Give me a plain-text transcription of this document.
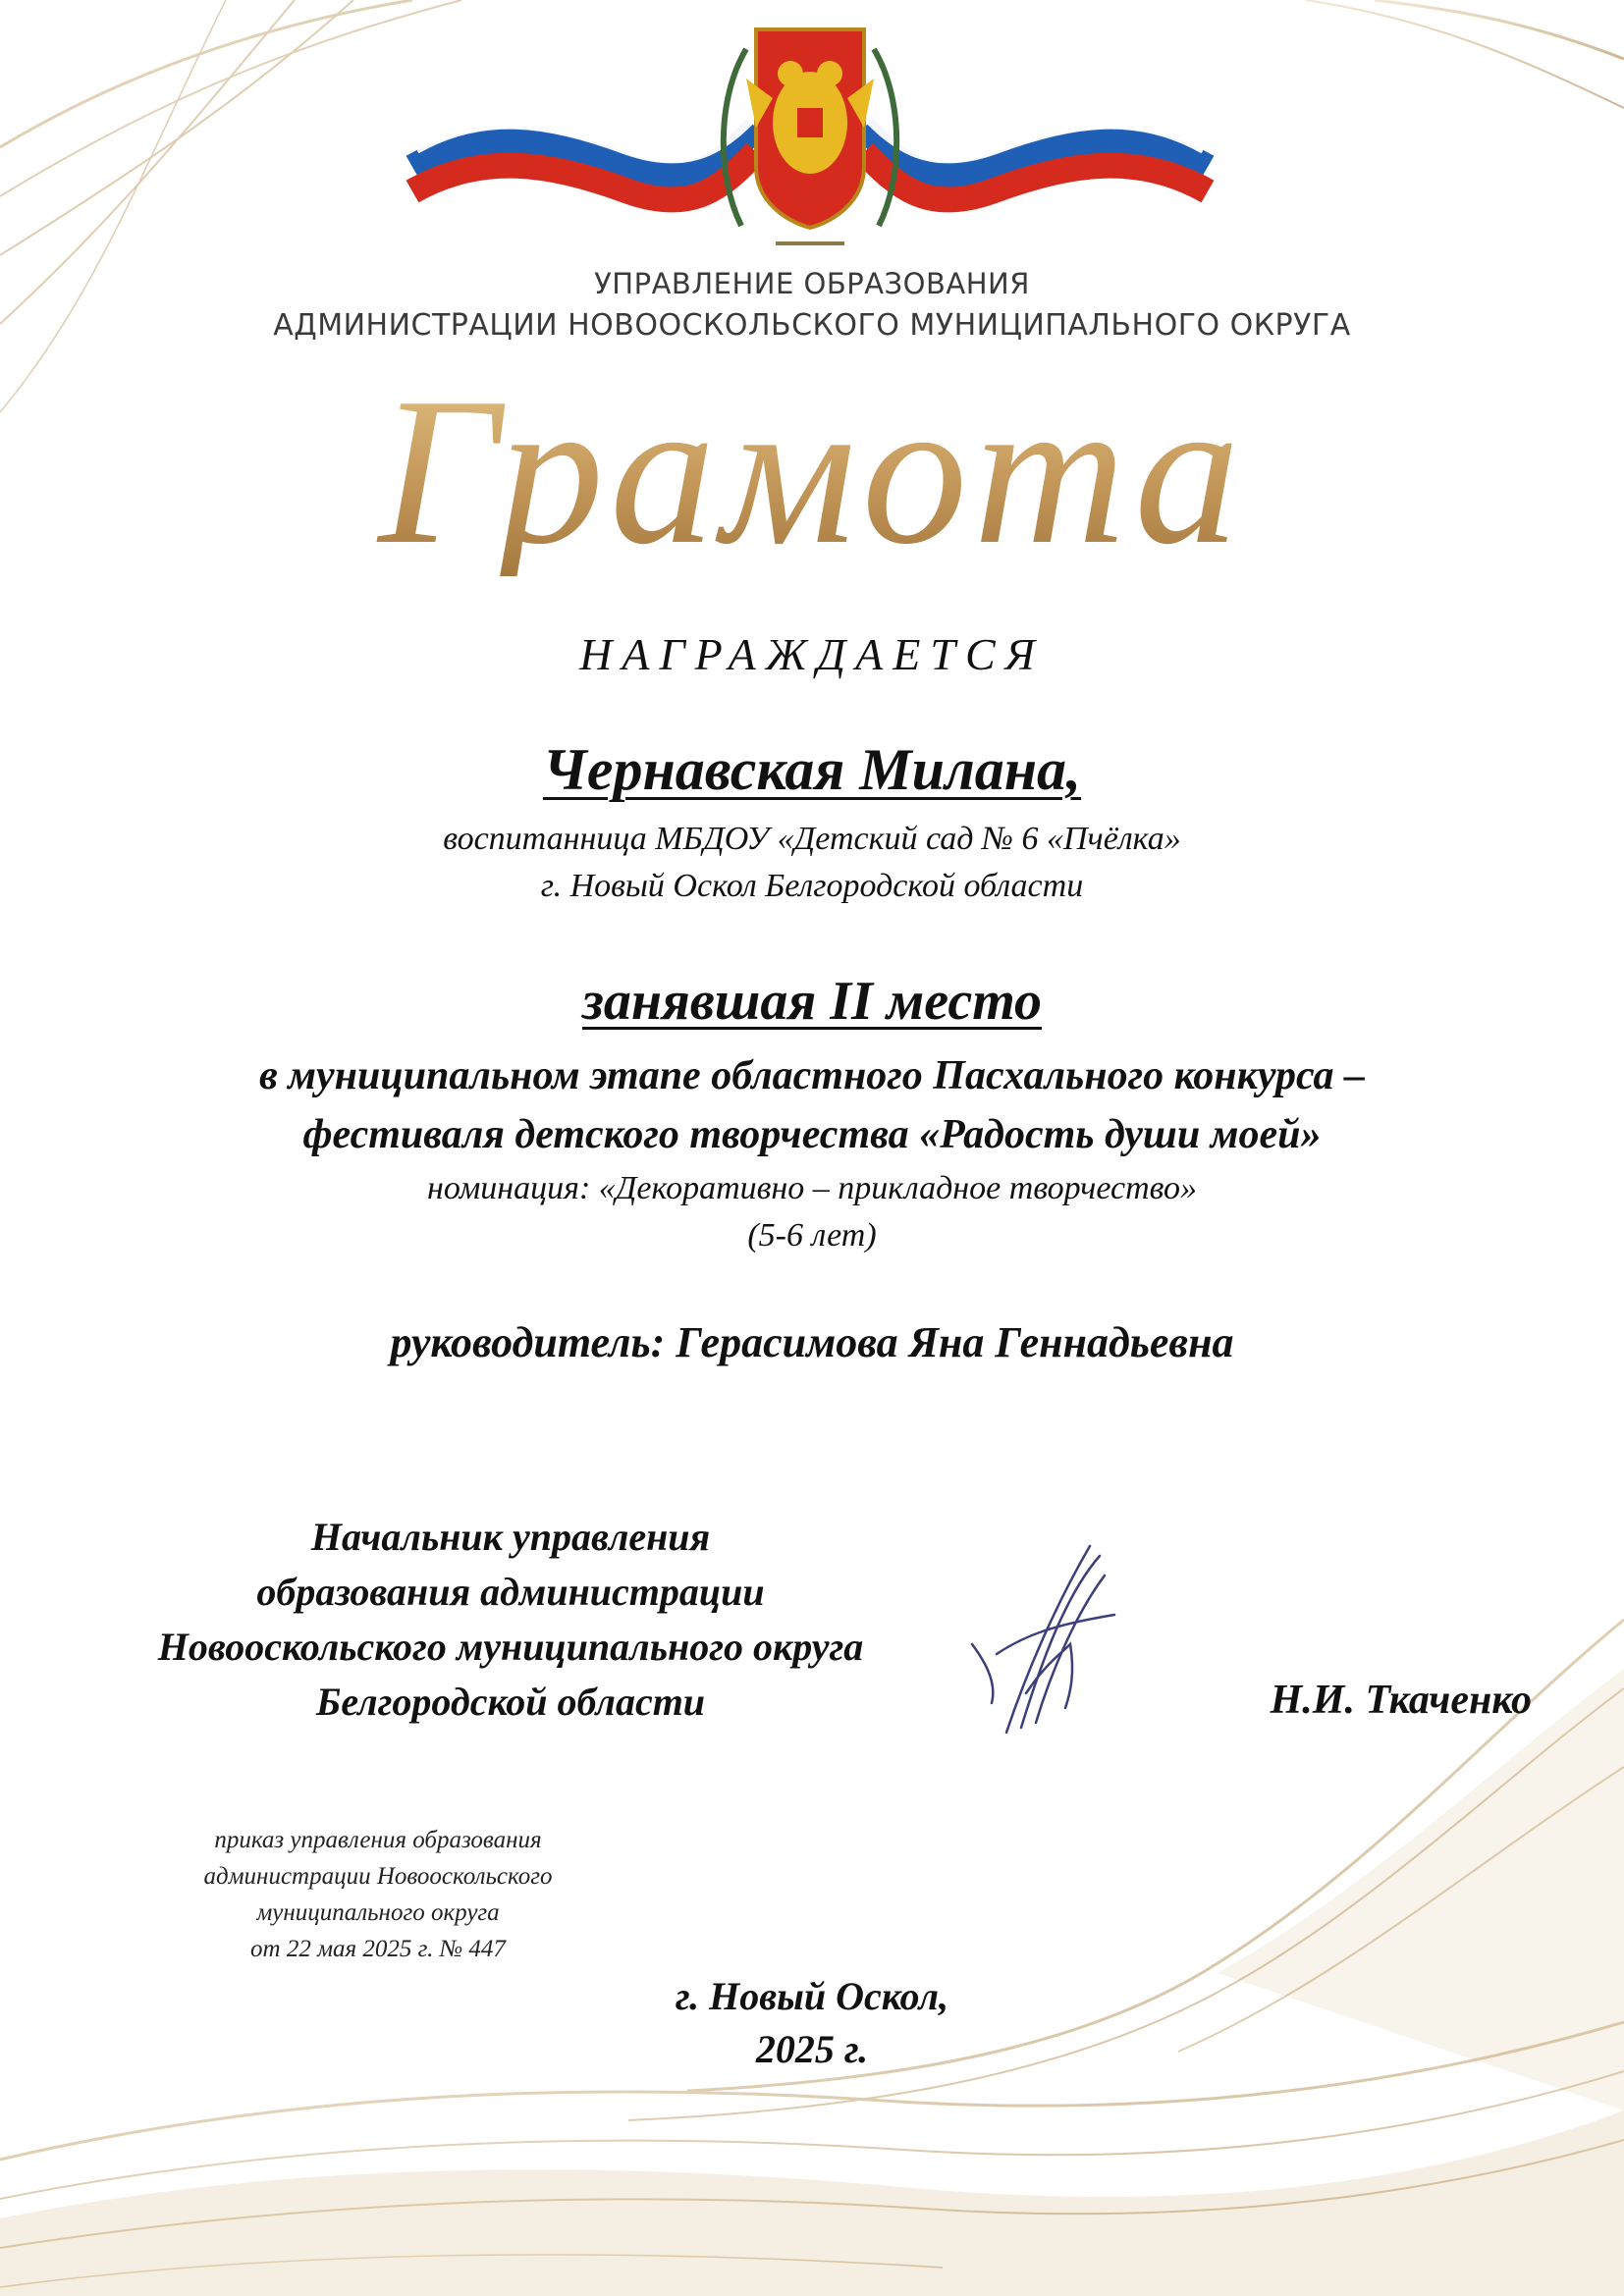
УПРАВЛЕНИЕ ОБРАЗОВАНИЯ
АДМИНИСТРАЦИИ НОВООСКОЛЬСКОГО МУНИЦИПАЛЬНОГО ОКРУГА
Грамота
НАГРАЖДАЕТСЯ
Чернавская Милана,
воспитанница МБДОУ «Детский сад № 6 «Пчёлка»
г. Новый Оскол Белгородской области
занявшая II место
в муниципальном этапе областного Пасхального конкурса –
фестиваля детского творчества «Радость души моей»
номинация: «Декоративно – прикладное творчество»
(5-6 лет)
руководитель: Герасимова Яна Геннадьевна
Начальник управления
образования администрации
Новооскольского муниципального округа
Белгородской области	Н.И. Ткаченко
приказ управления образования
администрации Новооскольского
муниципального округа
от 22 мая 2025 г. № 447
г. Новый Оскол,
2025 г.
